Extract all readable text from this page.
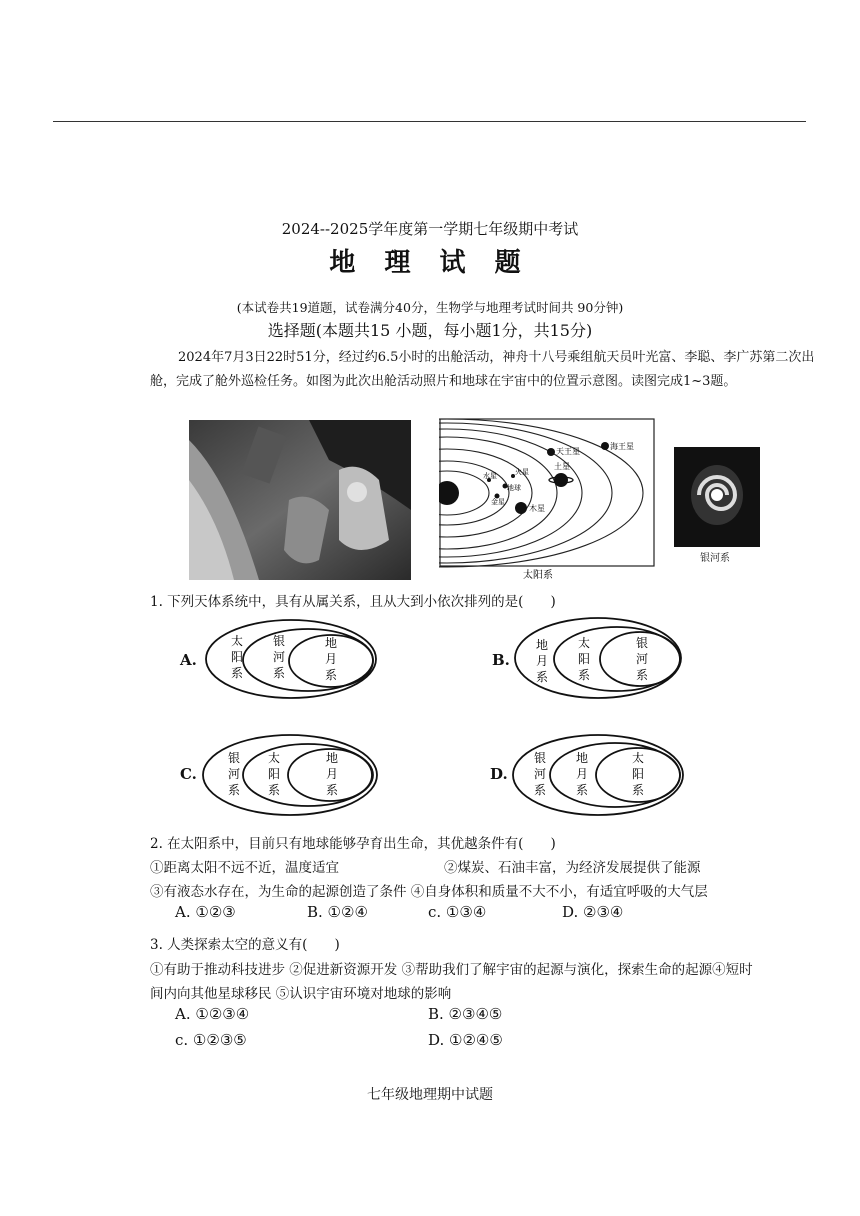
2024--2025学年度第一学期七年级期中考试
地 理 试 题
(本试卷共19道题，试卷满分40分，生物学与地理考试时间共 90分钟)
选择题(本题共15 小题，每小题1分，共15分)
2024年7月3日22时51分，经过约6.5小时的出舱活动，神舟十八号乘组航天员叶光富、李聪、李广苏第二次出舱，完成了舱外巡检任务。如图为此次出舱活动照片和地球在宇宙中的位置示意图。读图完成1~3题。
天王星
海王星
土星
木星
水星
金星
地球
火星
太阳系
银河系
1. 下列天体系统中，具有从属关系，且从大到小依次排列的是(　　)
A.
太
阳
系
银
河
系
地
月
系
B.
地
月
系
太
阳
系
银
河
系
C.
银
河
系
太
阳
系
地
月
系
D.
银
河
系
地
月
系
太
阳
系
2. 在太阳系中，目前只有地球能够孕育出生命，其优越条件有(　　)
①距离太阳不远不近，温度适宜	②煤炭、石油丰富，为经济发展提供了能源
③有液态水存在，为生命的起源创造了条件 ④自身体积和质量不大不小，有适宜呼吸的大气层
A. ①②③	B. ①②④	c. ①③④	D. ②③④
3. 人类探索太空的意义有(　　)
①有助于推动科技进步 ②促进新资源开发 ③帮助我们了解宇宙的起源与演化，探索生命的起源④短时
间内向其他星球移民 ⑤认识宇宙环境对地球的影响
A. ①②③④	B. ②③④⑤
c. ①②③⑤	D. ①②④⑤
七年级地理期中试题
